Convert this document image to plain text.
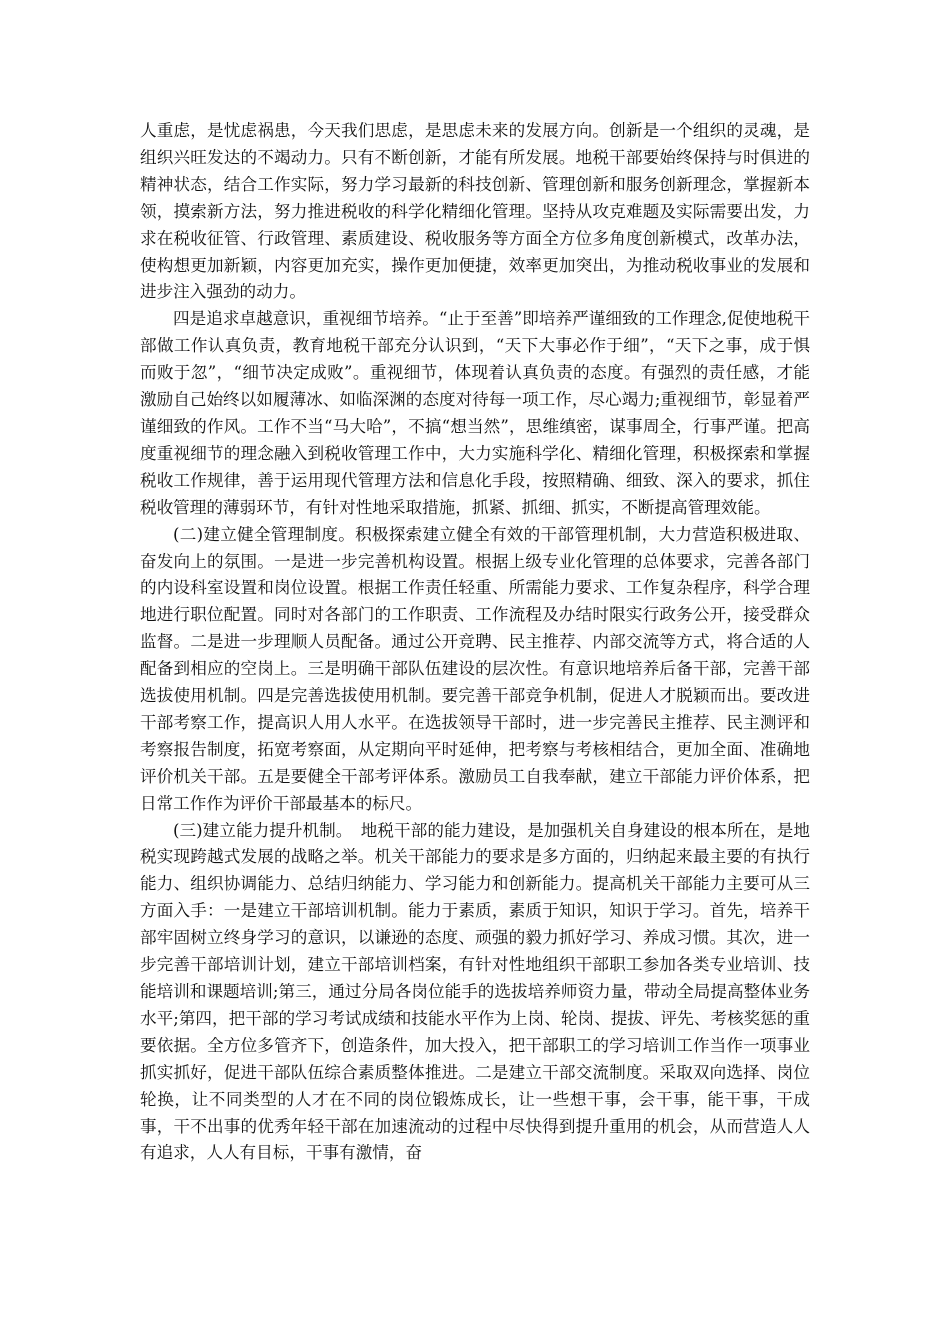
人重虑，是忧虑祸患，今天我们思虑，是思虑未来的发展方向。创新是一个组织的灵魂，是组织兴旺发达的不竭动力。只有不断创新，才能有所发展。地税干部要始终保持与时俱进的精神状态，结合工作实际，努力学习最新的科技创新、管理创新和服务创新理念，掌握新本领，摸索新方法，努力推进税收的科学化精细化管理。坚持从攻克难题及实际需要出发，力求在税收征管、行政管理、素质建设、税收服务等方面全方位多角度创新模式，改革办法，使构想更加新颖，内容更加充实，操作更加便捷，效率更加突出，为推动税收事业的发展和进步注入强劲的动力。

四是追求卓越意识，重视细节培养。“止于至善”即培养严谨细致的工作理念,促使地税干部做工作认真负责，教育地税干部充分认识到，“天下大事必作于细”，“天下之事，成于惧而败于忽”，“细节决定成败”。重视细节，体现着认真负责的态度。有强烈的责任感，才能激励自己始终以如履薄冰、如临深渊的态度对待每一项工作，尽心竭力;重视细节，彰显着严谨细致的作风。工作不当“马大哈”，不搞“想当然”，思维缜密，谋事周全，行事严谨。把高度重视细节的理念融入到税收管理工作中，大力实施科学化、精细化管理，积极探索和掌握税收工作规律，善于运用现代管理方法和信息化手段，按照精确、细致、深入的要求，抓住税收管理的薄弱环节，有针对性地采取措施，抓紧、抓细、抓实，不断提高管理效能。

(二)建立健全管理制度。积极探索建立健全有效的干部管理机制，大力营造积极进取、奋发向上的氛围。一是进一步完善机构设置。根据上级专业化管理的总体要求，完善各部门的内设科室设置和岗位设置。根据工作责任轻重、所需能力要求、工作复杂程序，科学合理地进行职位配置。同时对各部门的工作职责、工作流程及办结时限实行政务公开，接受群众监督。二是进一步理顺人员配备。通过公开竞聘、民主推荐、内部交流等方式，将合适的人配备到相应的空岗上。三是明确干部队伍建设的层次性。有意识地培养后备干部，完善干部选拔使用机制。四是完善选拔使用机制。要完善干部竞争机制，促进人才脱颖而出。要改进干部考察工作，提高识人用人水平。在选拔领导干部时，进一步完善民主推荐、民主测评和考察报告制度，拓宽考察面，从定期向平时延伸，把考察与考核相结合，更加全面、准确地评价机关干部。五是要健全干部考评体系。激励员工自我奉献，建立干部能力评价体系，把日常工作作为评价干部最基本的标尺。

(三)建立能力提升机制。　地税干部的能力建设，是加强机关自身建设的根本所在，是地税实现跨越式发展的战略之举。机关干部能力的要求是多方面的，归纳起来最主要的有执行能力、组织协调能力、总结归纳能力、学习能力和创新能力。提高机关干部能力主要可从三方面入手：一是建立干部培训机制。能力于素质，素质于知识，知识于学习。首先，培养干部牢固树立终身学习的意识，以谦逊的态度、顽强的毅力抓好学习、养成习惯。其次，进一步完善干部培训计划，建立干部培训档案，有针对性地组织干部职工参加各类专业培训、技能培训和课题培训;第三，通过分局各岗位能手的选拔培养师资力量，带动全局提高整体业务水平;第四，把干部的学习考试成绩和技能水平作为上岗、轮岗、提拔、评先、考核奖惩的重要依据。全方位多管齐下，创造条件，加大投入，把干部职工的学习培训工作当作一项事业抓实抓好，促进干部队伍综合素质整体推进。二是建立干部交流制度。采取双向选择、岗位轮换，让不同类型的人才在不同的岗位锻炼成长，让一些想干事，会干事，能干事，干成事，干不出事的优秀年轻干部在加速流动的过程中尽快得到提升重用的机会，从而营造人人有追求，人人有目标，干事有激情，奋
